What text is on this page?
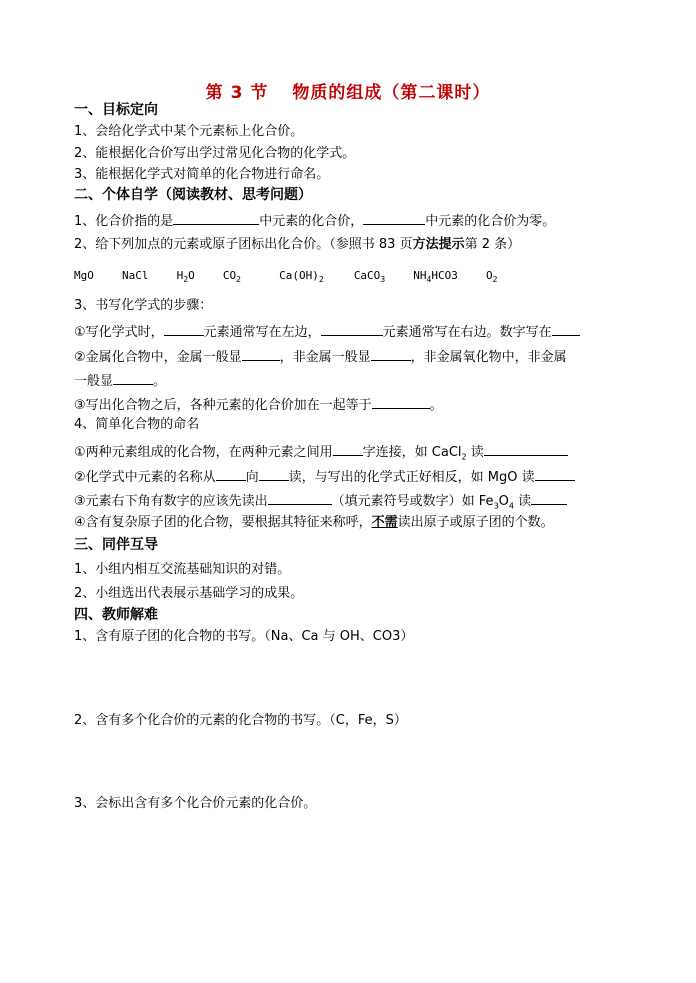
第 3 节 物质的组成（第二课时）
一、目标定向
1、会给化学式中某个元素标上化合价。
2、能根据化合价写出学过常见化合物的化学式。
3、能根据化学式对简单的化合物进行命名。
二、个体自学（阅读教材、思考问题）
1、化合价指的是	中元素的化合价，	中元素的化合价为零。
2、给下列加点的元素或原子团标出化合价。（参照书 83 页方法提示第 2 条）
MgO	NaCl	$H_2O$	$CO_2$	$Ca(OH)_2$	CaCO$_3$	$NH_4HCO3$	$O_2$
3、书写化学式的步骤：
①写化学式时，	元素通常写在左边，	元素通常写在右边。数字写在
②金属化合物中，金属一般显	，非金属一般显	，非金属氧化物中，非金属
一般显	。
③写出化合物之后，各种元素的化合价加在一起等于	。
4、简单化合物的命名
①两种元素组成的化合物，在两种元素之间用 字连接，如 CaCl$_2$ 读
②化学式中元素的名称从 向 读，与写出的化学式正好相反，如 MgO 读
③元素右下角有数字的应该先读出	（填元素符号或数字）如 $Fe_3O_4$ 读
④含有复杂原子团的化合物，要根据其特征来称呼，不需读出原子或原子团的个数。
三、同伴互导
1、小组内相互交流基础知识的对错。
2、小组选出代表展示基础学习的成果。
四、教师解难
1、含有原子团的化合物的书写。（Na、Ca 与 OH、CO3）
2、含有多个化合价的元素的化合物的书写。（C，Fe，S）
3、会标出含有多个化合价元素的化合价。
